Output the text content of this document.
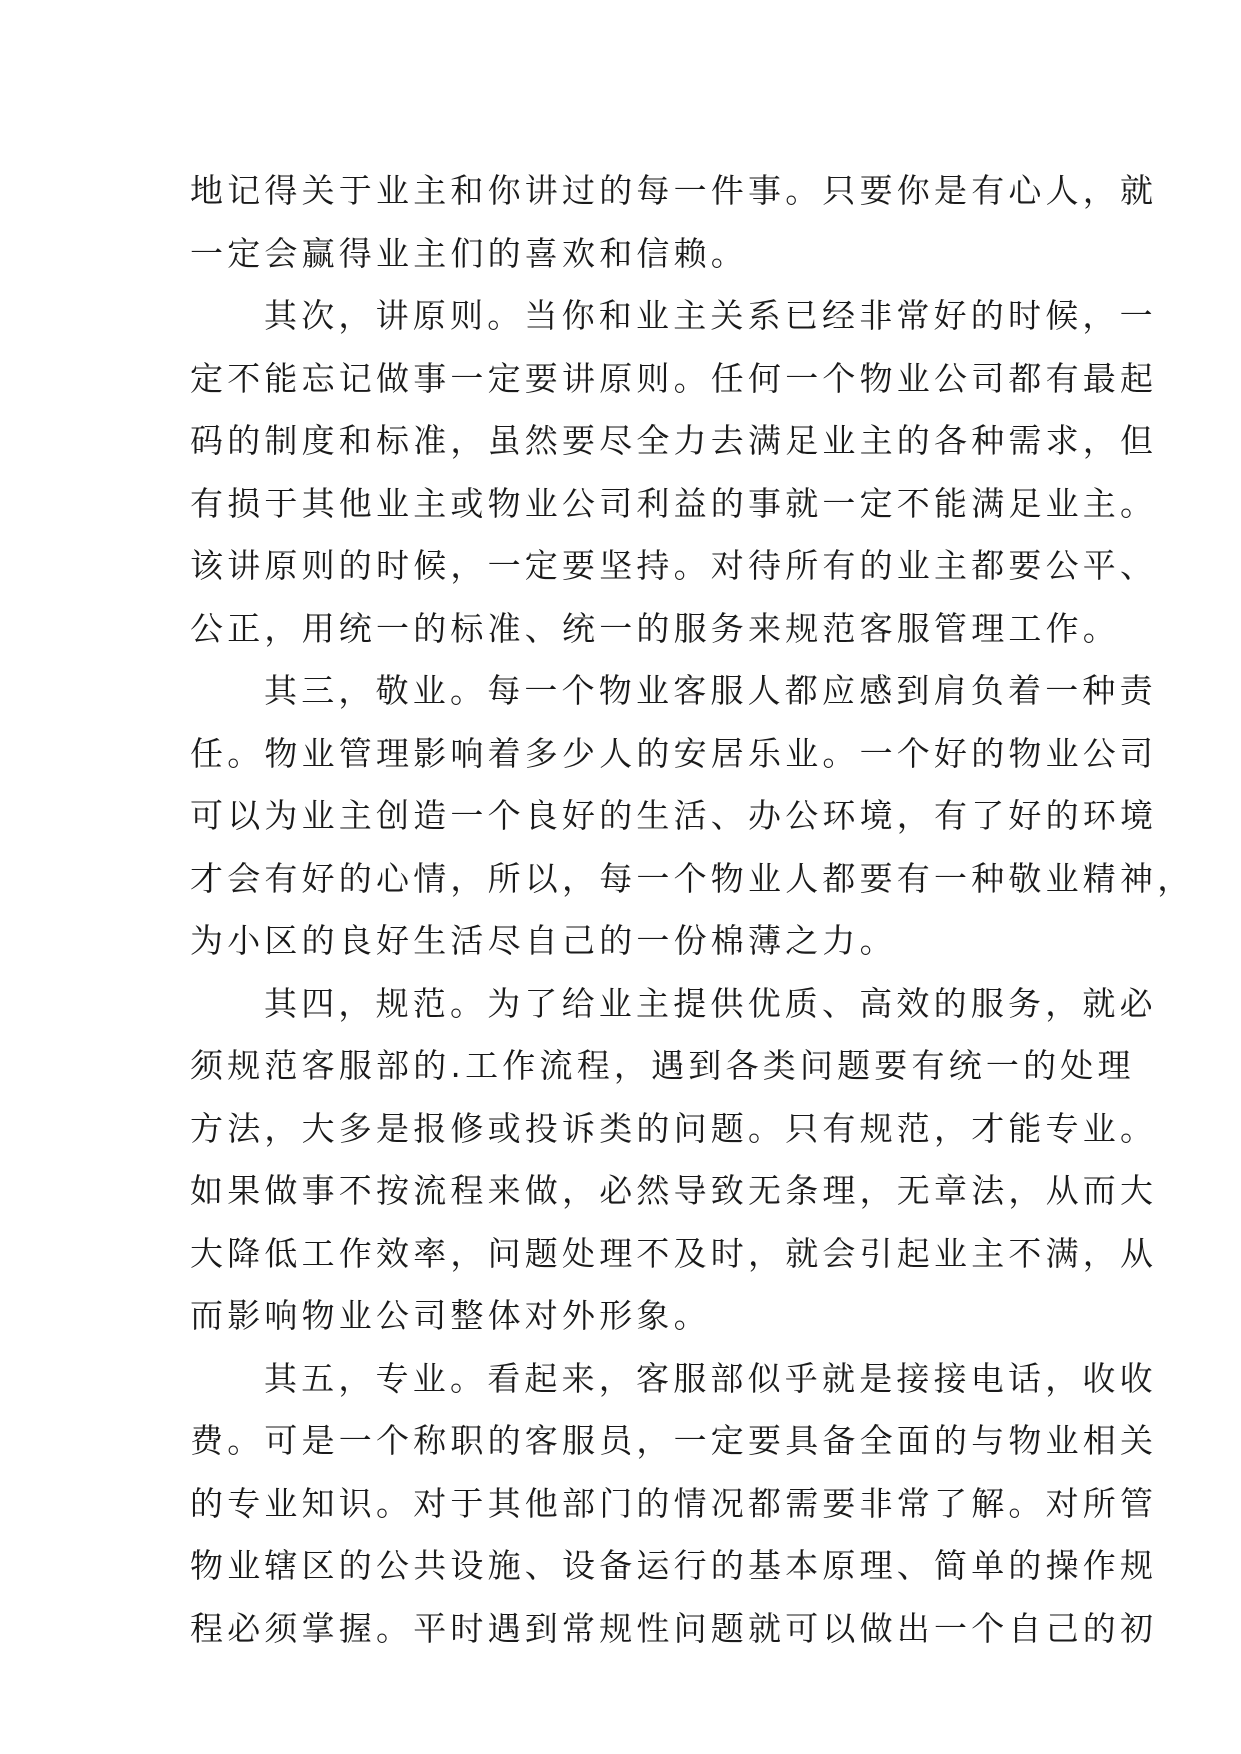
地记得关于业主和你讲过的每一件事。只要你是有心人，就
一定会赢得业主们的喜欢和信赖。
其次，讲原则。当你和业主关系已经非常好的时候，一
定不能忘记做事一定要讲原则。任何一个物业公司都有最起
码的制度和标准，虽然要尽全力去满足业主的各种需求，但
有损于其他业主或物业公司利益的事就一定不能满足业主。
该讲原则的时候，一定要坚持。对待所有的业主都要公平、
公正，用统一的标准、统一的服务来规范客服管理工作。
其三，敬业。每一个物业客服人都应感到肩负着一种责
任。物业管理影响着多少人的安居乐业。一个好的物业公司
可以为业主创造一个良好的生活、办公环境，有了好的环境
才会有好的心情，所以，每一个物业人都要有一种敬业精神，
为小区的良好生活尽自己的一份棉薄之力。
其四，规范。为了给业主提供优质、高效的服务，就必
须规范客服部的.工作流程，遇到各类问题要有统一的处理
方法，大多是报修或投诉类的问题。只有规范，才能专业。
如果做事不按流程来做，必然导致无条理，无章法，从而大
大降低工作效率，问题处理不及时，就会引起业主不满，从
而影响物业公司整体对外形象。
其五，专业。看起来，客服部似乎就是接接电话，收收
费。可是一个称职的客服员，一定要具备全面的与物业相关
的专业知识。对于其他部门的情况都需要非常了解。对所管
物业辖区的公共设施、设备运行的基本原理、简单的操作规
程必须掌握。平时遇到常规性问题就可以做出一个自己的初
